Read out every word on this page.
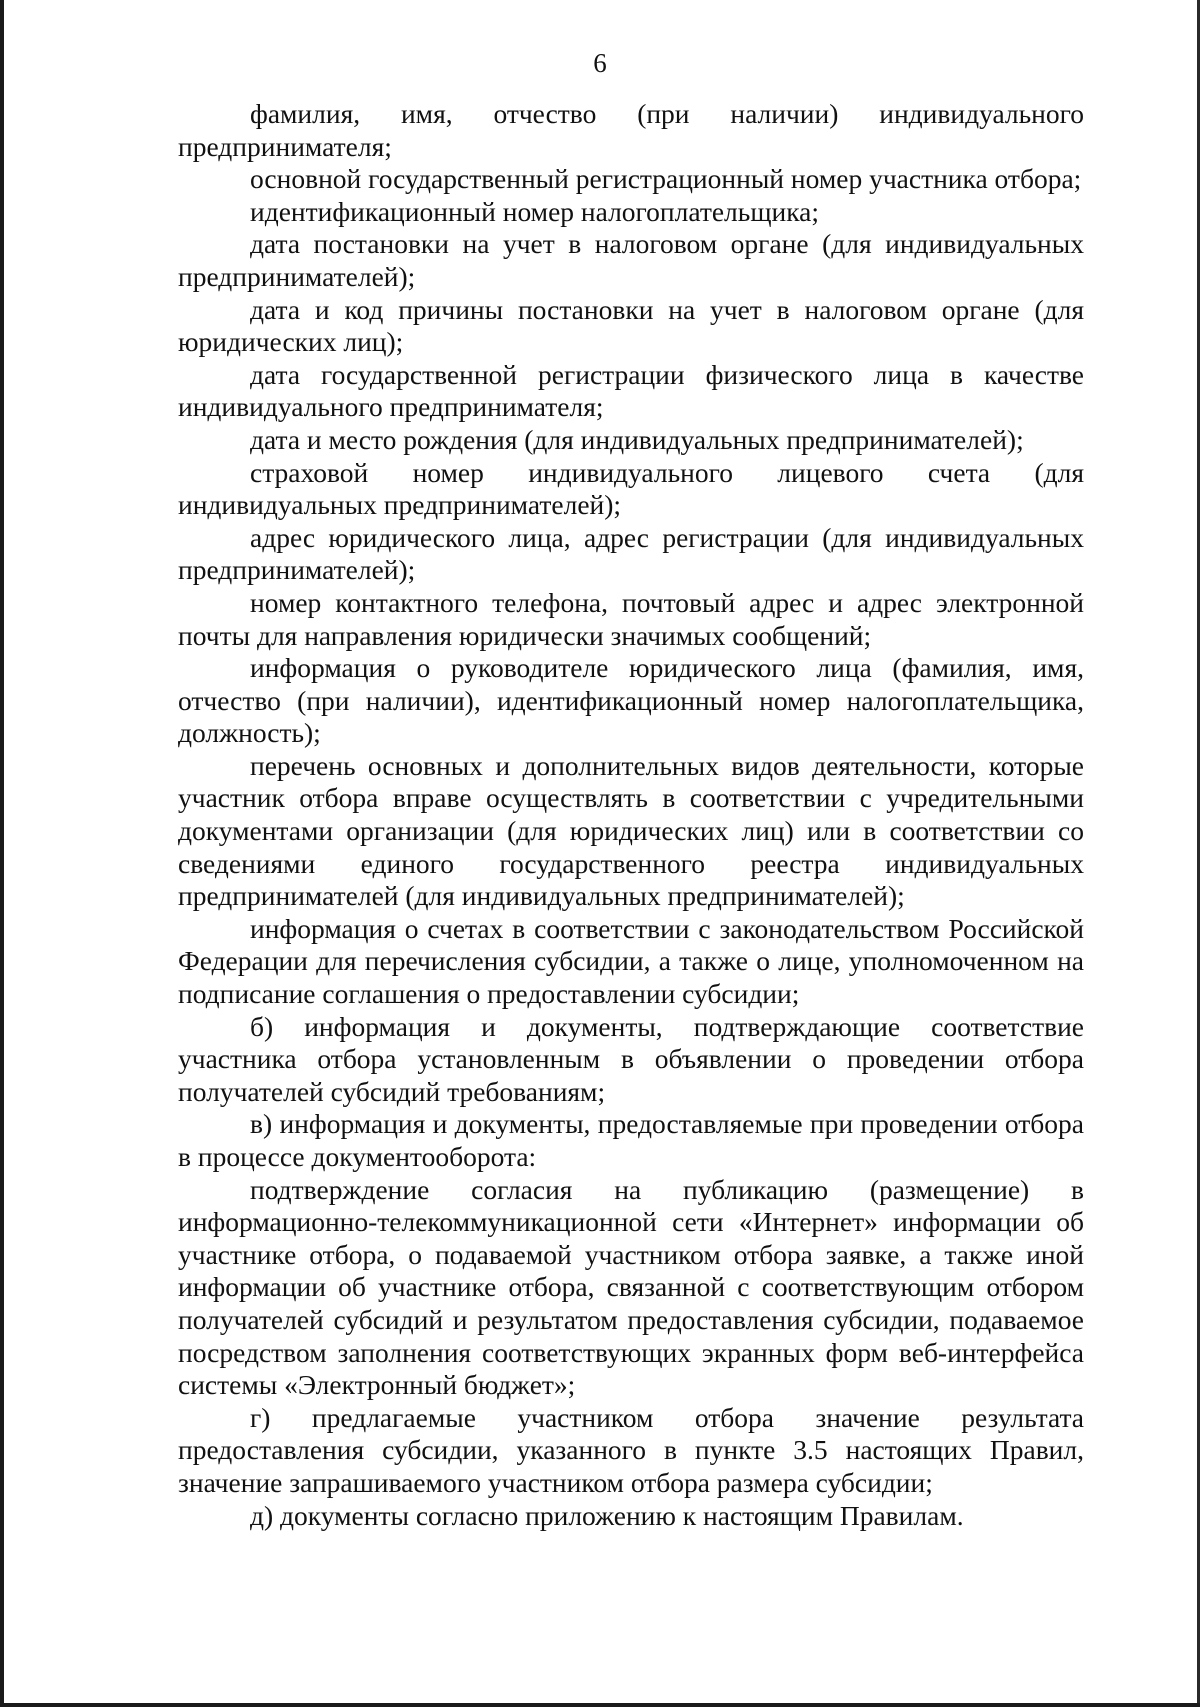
6

фамилия, имя, отчество (при наличии) индивидуального предпринимателя;

основной государственный регистрационный номер участника отбора;

идентификационный номер налогоплательщика;

дата постановки на учет в налоговом органе (для индивидуальных предпринимателей);

дата и код причины постановки на учет в налоговом органе (для юридических лиц);

дата государственной регистрации физического лица в качестве индивидуального предпринимателя;

дата и место рождения (для индивидуальных предпринимателей);

страховой номер индивидуального лицевого счета (для индивидуальных предпринимателей);

адрес юридического лица, адрес регистрации (для индивидуальных предпринимателей);

номер контактного телефона, почтовый адрес и адрес электронной почты для направления юридически значимых сообщений;

информация о руководителе юридического лица (фамилия, имя, отчество (при наличии), идентификационный номер налогоплательщика, должность);

перечень основных и дополнительных видов деятельности, которые участник отбора вправе осуществлять в соответствии с учредительными документами организации (для юридических лиц) или в соответствии со сведениями единого государственного реестра индивидуальных предпринимателей (для индивидуальных предпринимателей);

информация о счетах в соответствии с законодательством Российской Федерации для перечисления субсидии, а также о лице, уполномоченном на подписание соглашения о предоставлении субсидии;

б) информация и документы, подтверждающие соответствие участника отбора установленным в объявлении о проведении отбора получателей субсидий требованиям;

в) информация и документы, предоставляемые при проведении отбора в процессе документооборота:

подтверждение согласия на публикацию (размещение) в информационно-телекоммуникационной сети «Интернет» информации об участнике отбора, о подаваемой участником отбора заявке, а также иной информации об участнике отбора, связанной с соответствующим отбором получателей субсидий и результатом предоставления субсидии, подаваемое посредством заполнения соответствующих экранных форм веб-интерфейса системы «Электронный бюджет»;

г) предлагаемые участником отбора значение результата предоставления субсидии, указанного в пункте 3.5 настоящих Правил, значение запрашиваемого участником отбора размера субсидии;

д) документы согласно приложению к настоящим Правилам.
